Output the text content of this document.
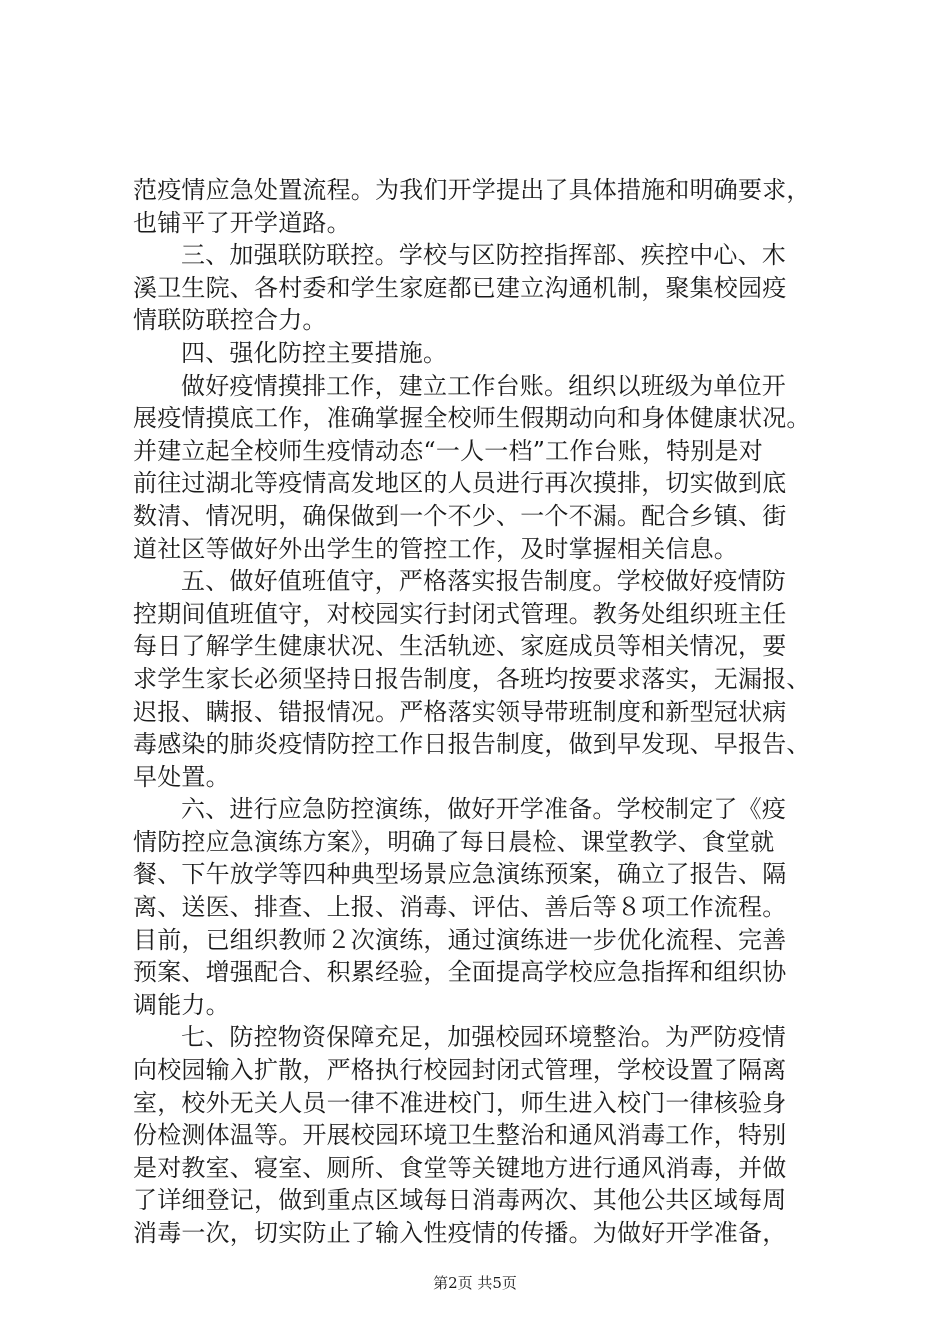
范疫情应急处置流程。为我们开学提出了具体措施和明确要求，
也铺平了开学道路。
三、加强联防联控。学校与区防控指挥部、疾控中心、木
溪卫生院、各村委和学生家庭都已建立沟通机制，聚集校园疫
情联防联控合力。
四、强化防控主要措施。
做好疫情摸排工作，建立工作台账。组织以班级为单位开
展疫情摸底工作，准确掌握全校师生假期动向和身体健康状况。
并建立起全校师生疫情动态“一人一档”工作台账，特别是对
前往过湖北等疫情高发地区的人员进行再次摸排，切实做到底
数清、情况明，确保做到一个不少、一个不漏。配合乡镇、街
道社区等做好外出学生的管控工作，及时掌握相关信息。
五、做好值班值守，严格落实报告制度。学校做好疫情防
控期间值班值守，对校园实行封闭式管理。教务处组织班主任
每日了解学生健康状况、生活轨迹、家庭成员等相关情况，要
求学生家长必须坚持日报告制度，各班均按要求落实，无漏报、
迟报、瞒报、错报情况。严格落实领导带班制度和新型冠状病
毒感染的肺炎疫情防控工作日报告制度，做到早发现、早报告、
早处置。
六、进行应急防控演练，做好开学准备。学校制定了《疫
情防控应急演练方案》，明确了每日晨检、课堂教学、食堂就
餐、下午放学等四种典型场景应急演练预案，确立了报告、隔
离、送医、排查、上报、消毒、评估、善后等８项工作流程。
目前，已组织教师２次演练，通过演练进一步优化流程、完善
预案、增强配合、积累经验，全面提高学校应急指挥和组织协
调能力。
七、防控物资保障充足，加强校园环境整治。为严防疫情
向校园输入扩散，严格执行校园封闭式管理，学校设置了隔离
室，校外无关人员一律不准进校门，师生进入校门一律核验身
份检测体温等。开展校园环境卫生整治和通风消毒工作，特别
是对教室、寝室、厕所、食堂等关键地方进行通风消毒，并做
了详细登记，做到重点区域每日消毒两次、其他公共区域每周
消毒一次，切实防止了输入性疫情的传播。为做好开学准备，
第2页 共5页
